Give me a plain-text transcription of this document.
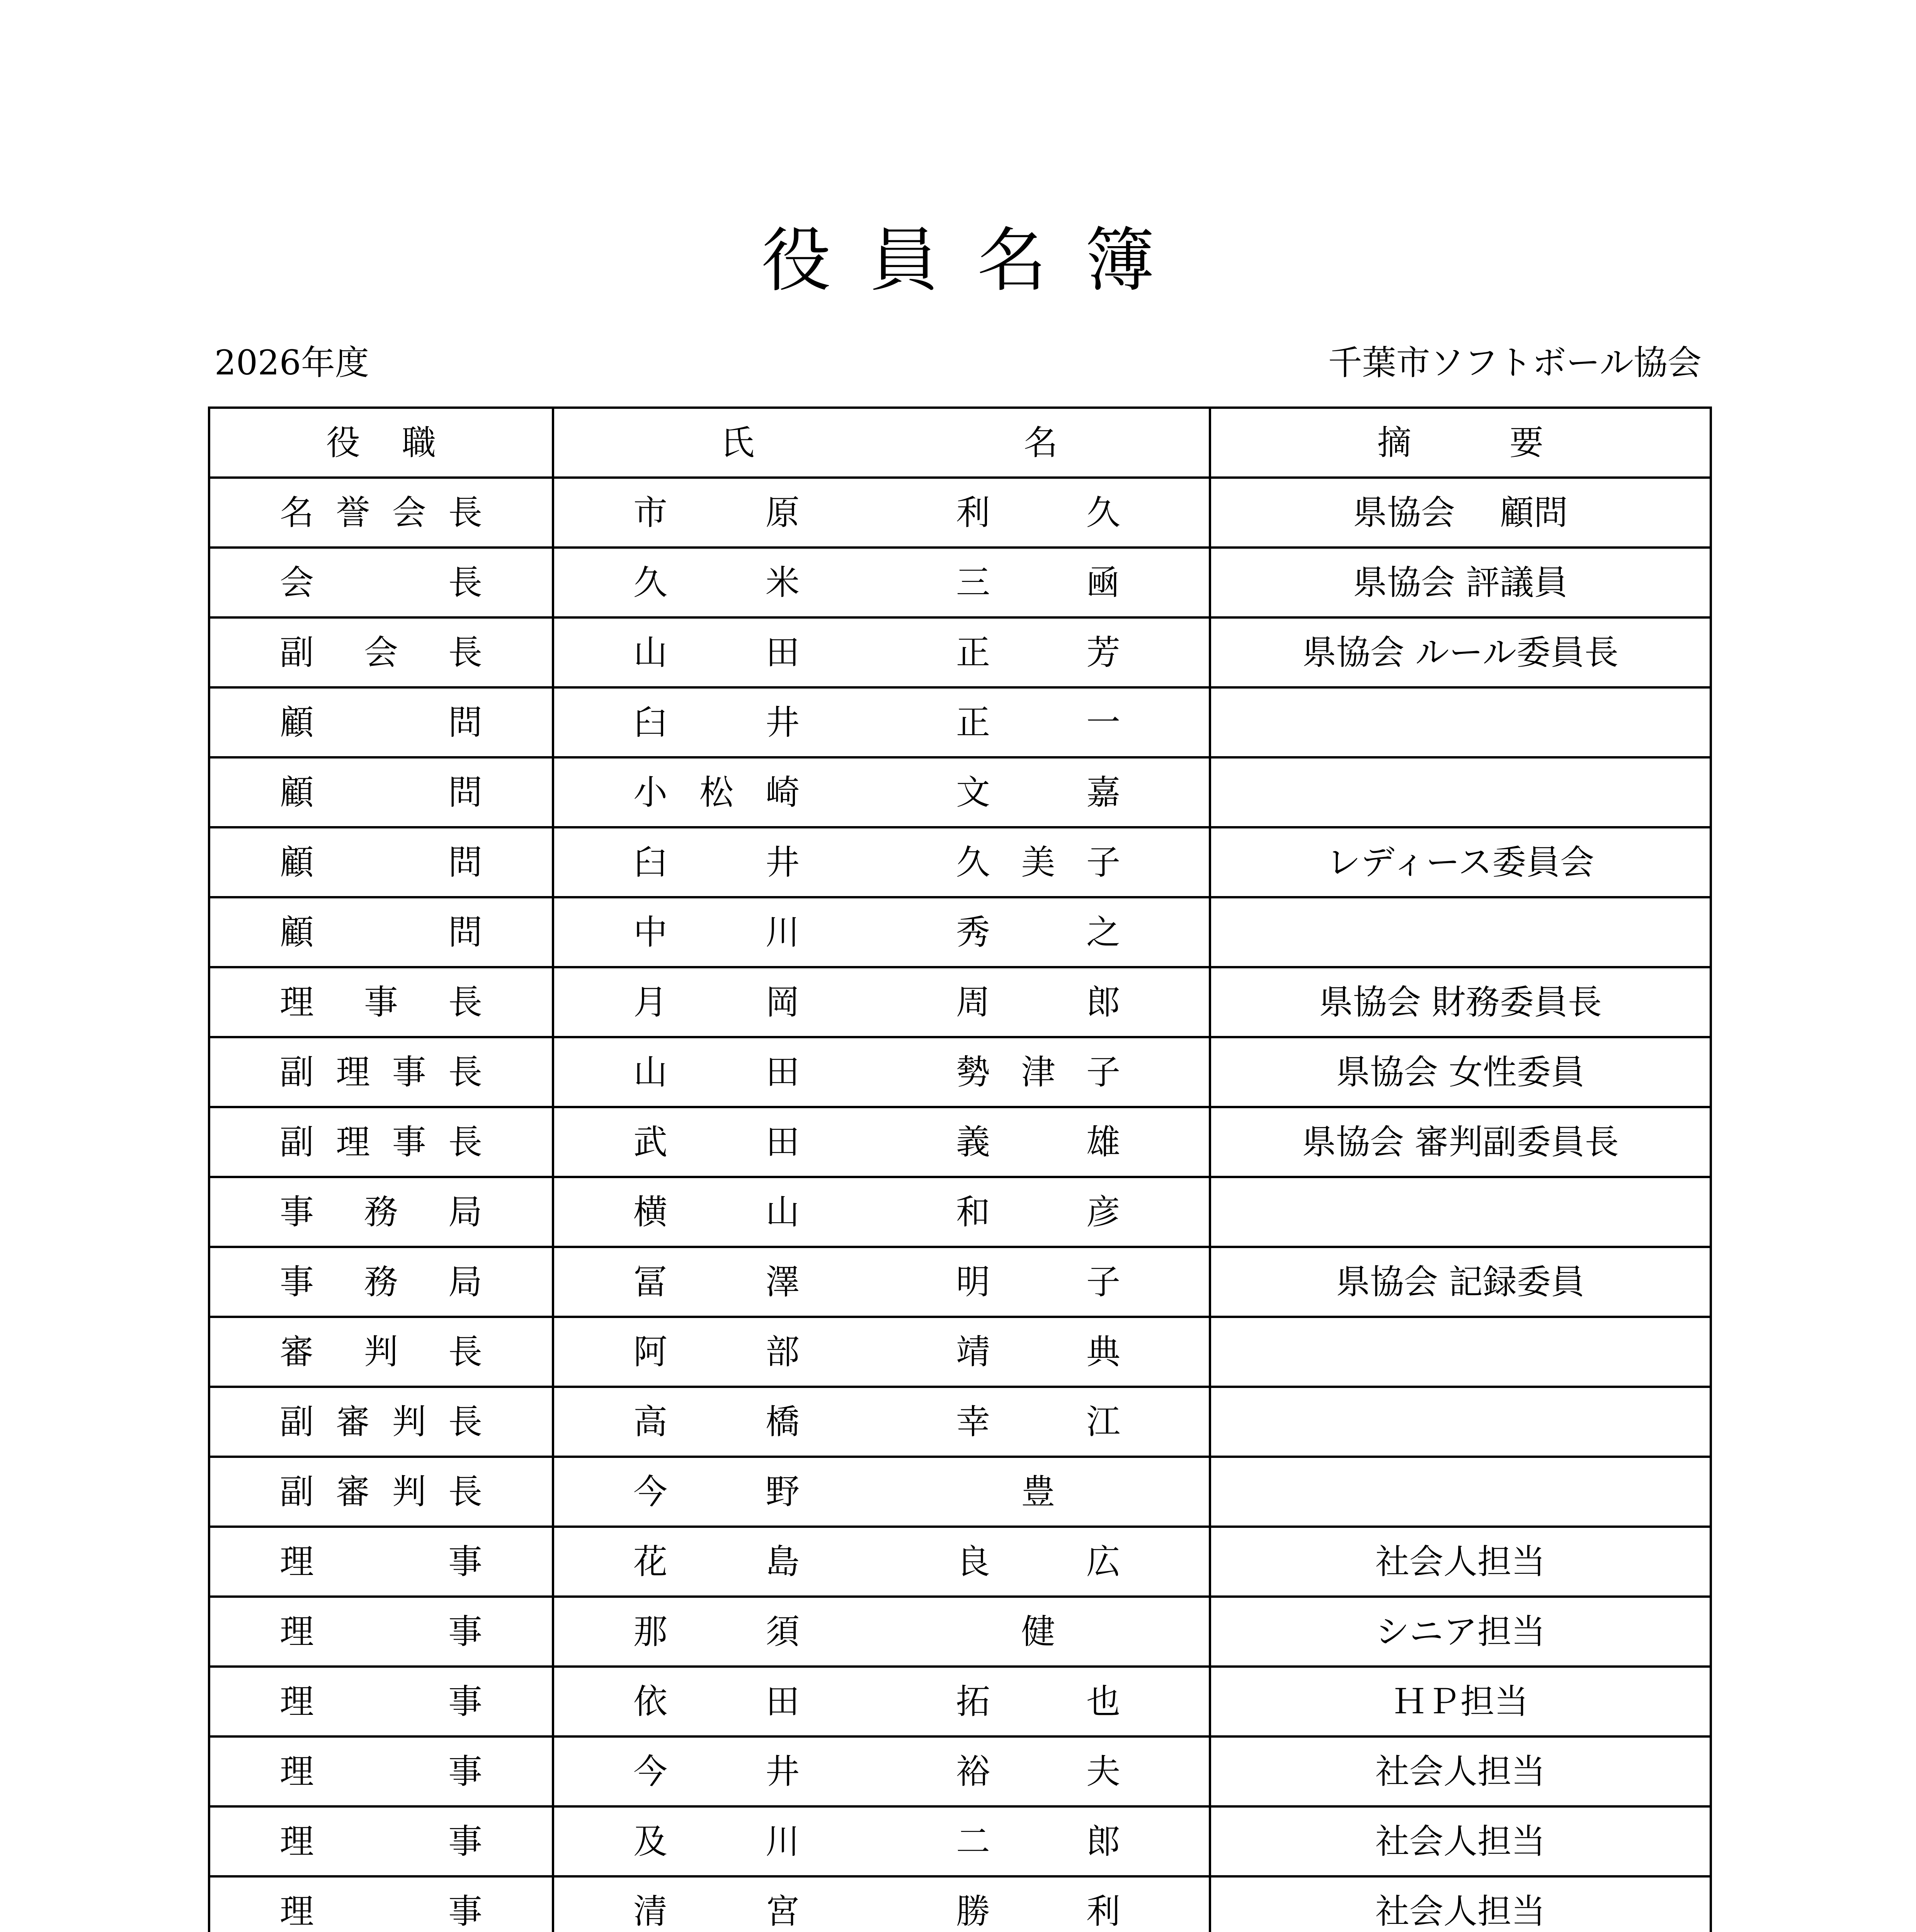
役員名簿
2026年度	千葉市ソフトボール協会
役職	氏 名	摘要

名誉会長	市原 利久	県協会　 顧問

会長	久米 三凾	県協会 評議員

副会長	山田 正芳	県協会 ルール委員長

顧問	臼井 正一	

顧問	小松崎 文嘉	

顧問	臼井 久美子	レディース委員会

顧問	中川 秀之	

理事長	月岡 周郎	県協会 財務委員長

副理事長	山田 勢津子	県協会 女性委員

副理事長	武田 義雄	県協会 審判副委員長

事務局	横山 和彦	

事務局	冨澤 明子	県協会 記録委員

審判長	阿部 靖典	

副審判長	高橋 幸江	

副審判長	今野 豊	

理事	花島 良広	社会人担当

理事	那須 健	シニア担当

理事	依田 拓也	ＨＰ担当

理事	今井 裕夫	社会人担当

理事	及川 二郎	社会人担当

理事	清宮 勝利	社会人担当
